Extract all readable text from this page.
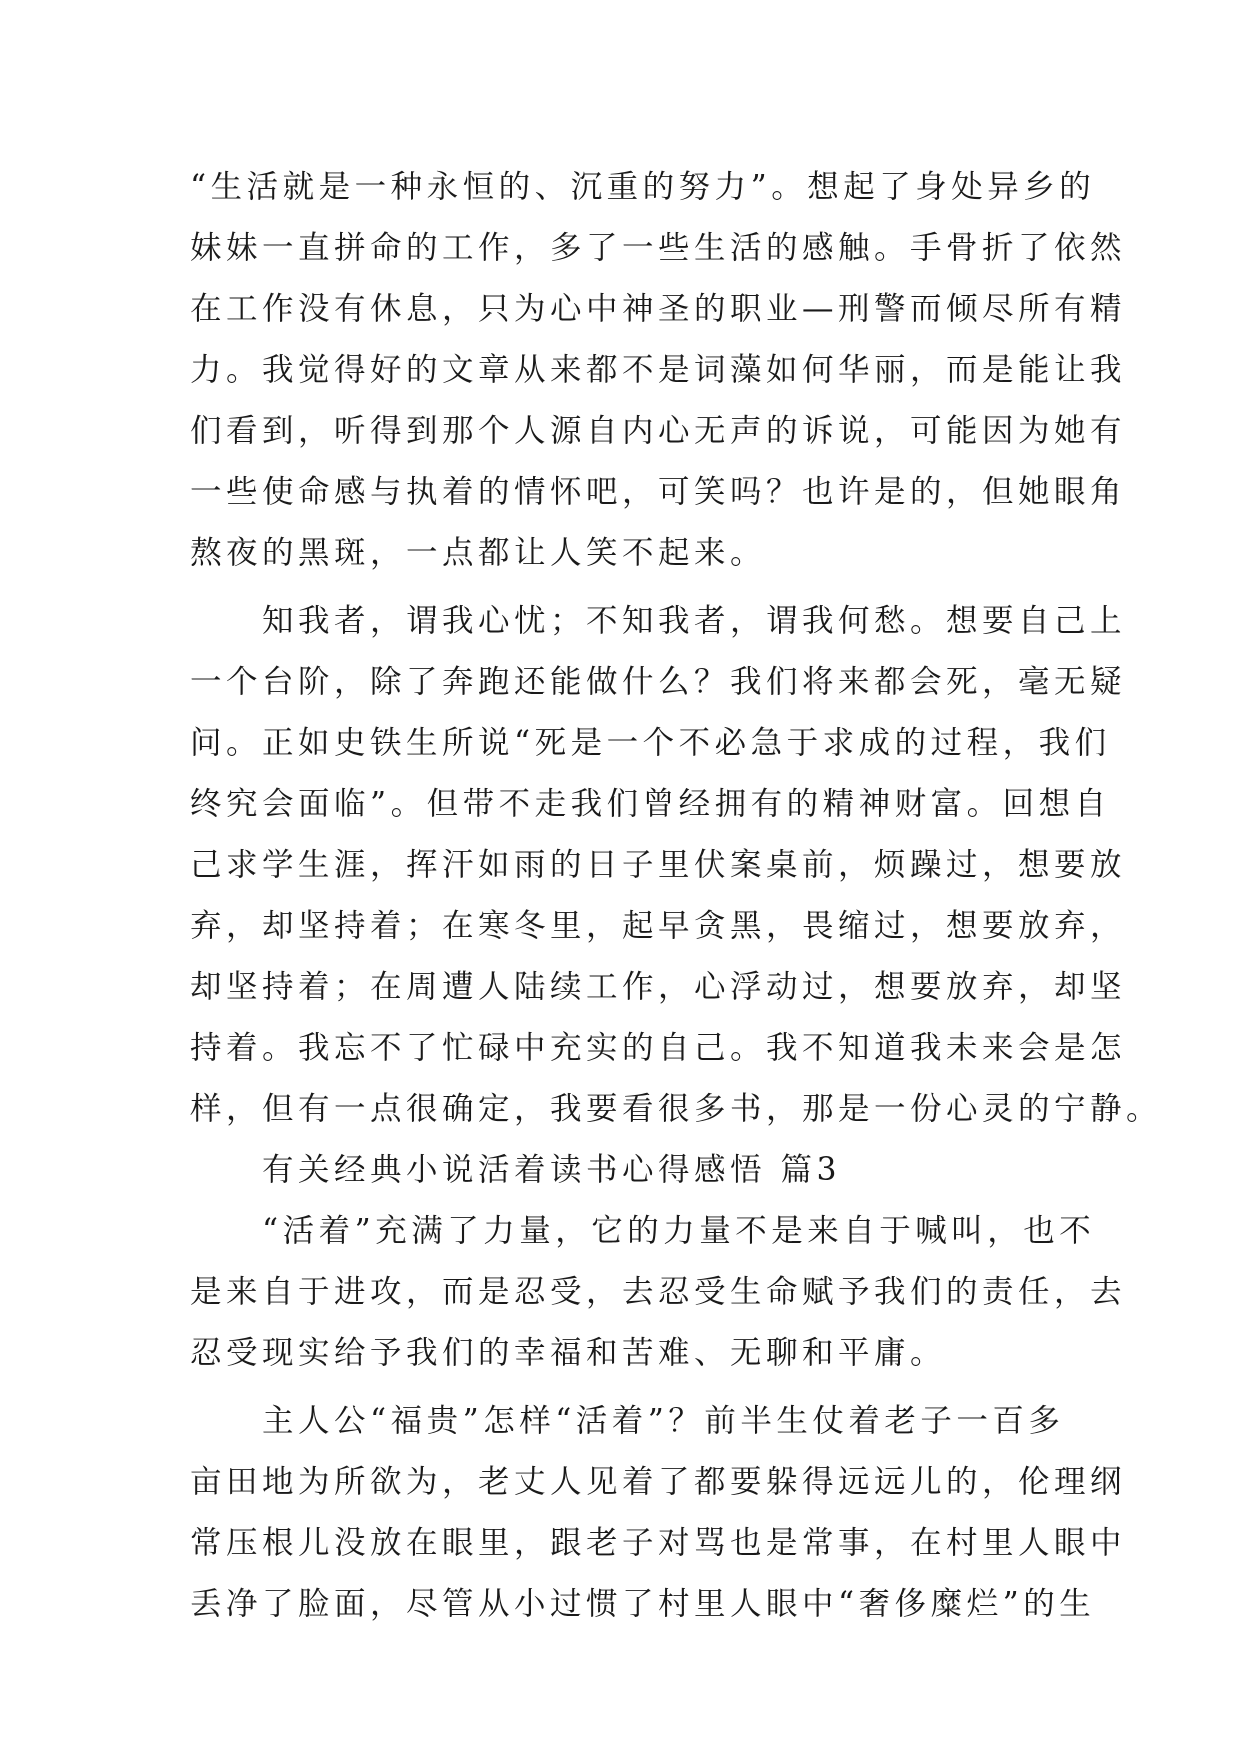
“生活就是一种永恒的、沉重的努力”。想起了身处异乡的
妹妹一直拼命的工作，多了一些生活的感触。手骨折了依然
在工作没有休息，只为心中神圣的职业—刑警而倾尽所有精
力。我觉得好的文章从来都不是词藻如何华丽，而是能让我
们看到，听得到那个人源自内心无声的诉说，可能因为她有
一些使命感与执着的情怀吧，可笑吗？也许是的，但她眼角
熬夜的黑斑，一点都让人笑不起来。
　　知我者，谓我心忧；不知我者，谓我何愁。想要自己上
一个台阶，除了奔跑还能做什么？我们将来都会死，毫无疑
问。正如史铁生所说“死是一个不必急于求成的过程，我们
终究会面临”。但带不走我们曾经拥有的精神财富。回想自
己求学生涯，挥汗如雨的日子里伏案桌前，烦躁过，想要放
弃，却坚持着；在寒冬里，起早贪黑，畏缩过，想要放弃，
却坚持着；在周遭人陆续工作，心浮动过，想要放弃，却坚
持着。我忘不了忙碌中充实的自己。我不知道我未来会是怎
样，但有一点很确定，我要看很多书，那是一份心灵的宁静。
　　有关经典小说活着读书心得感悟 篇3
　　“活着”充满了力量，它的力量不是来自于喊叫，也不
是来自于进攻，而是忍受，去忍受生命赋予我们的责任，去
忍受现实给予我们的幸福和苦难、无聊和平庸。
　　主人公“福贵”怎样“活着”？前半生仗着老子一百多
亩田地为所欲为，老丈人见着了都要躲得远远儿的，伦理纲
常压根儿没放在眼里，跟老子对骂也是常事，在村里人眼中
丢净了脸面，尽管从小过惯了村里人眼中“奢侈糜烂”的生
